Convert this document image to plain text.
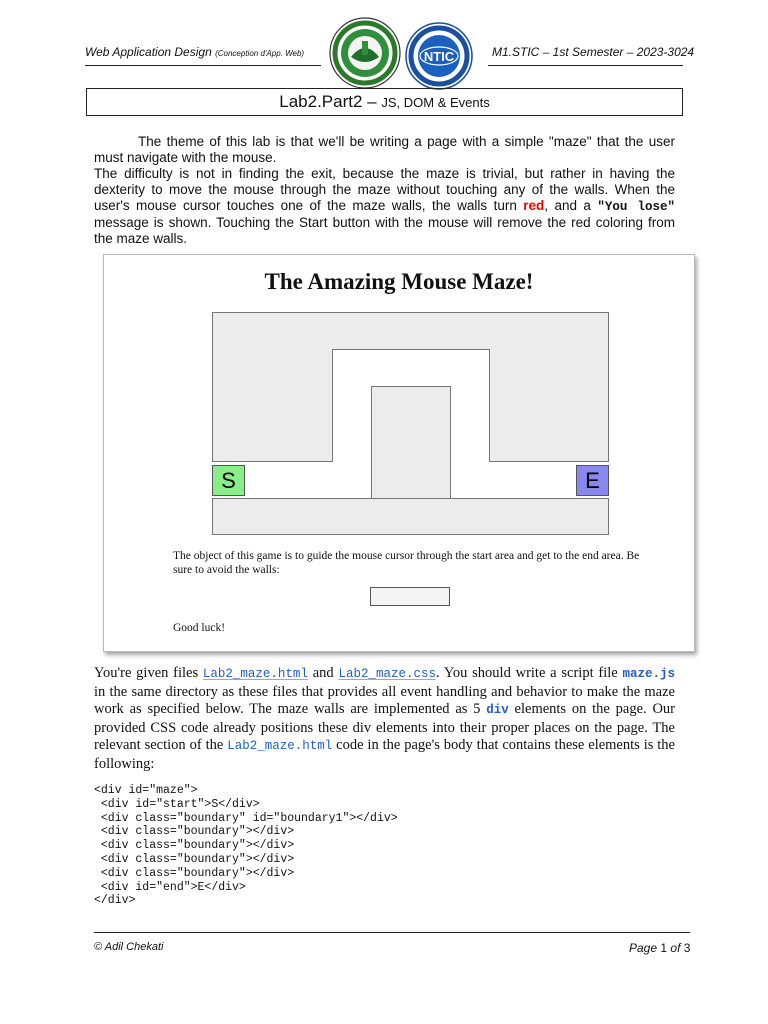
Web Application Design (Conception d'App. Web)	M1.STIC – 1st Semester – 2023-3024
NTIC
Lab2.Part2 – JS, DOM & Events
The theme of this lab is that we'll be writing a page with a simple "maze" that the user must navigate with the mouse.
The difficulty is not in finding the exit, because the maze is trivial, but rather in having the dexterity to move the mouse through the maze without touching any of the walls. When the user's mouse cursor touches one of the maze walls, the walls turn red, and a "You lose" message is shown. Touching the Start button with the mouse will remove the red coloring from the maze walls.
The Amazing Mouse Maze!
S	E
The object of this game is to guide the mouse cursor through the start area and get to the end area. Be sure to avoid the walls:
Good luck!
You're given files Lab2_maze.html and Lab2_maze.css. You should write a script file maze.js in the same directory as these files that provides all event handling and behavior to make the maze work as specified below. The maze walls are implemented as 5 div elements on the page. Our provided CSS code already positions these div elements into their proper places on the page. The relevant section of the Lab2_maze.html code in the page's body that contains these elements is the following:
<div id="maze">
<div id="start">S</div>
<div class="boundary" id="boundary1"></div>
<div class="boundary"></div>
<div class="boundary"></div>
<div class="boundary"></div>
<div class="boundary"></div>
<div id="end">E</div>
</div>
© Adil Chekati	Page 1 of 3
